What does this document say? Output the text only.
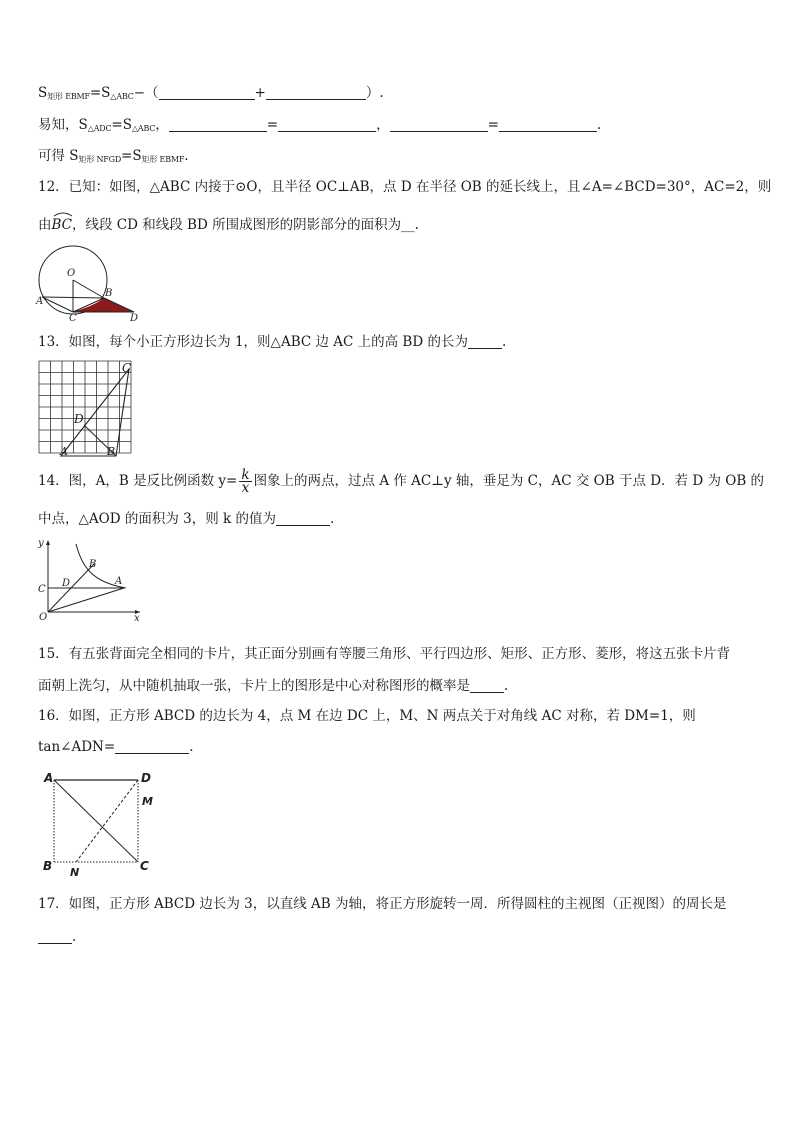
$S_{矩形 EBMF}=S_{\triangle ABC}-$（	+	）.
易知，$S_{\triangle ADC}=S_{\triangle ABC}$，	=	，	=	.
可得 $S_{矩形 NFGD}=S_{矩形 EBMF}$.
12．已知：如图，△ABC 内接于⊙O，且半径 OC⊥AB，点 D 在半径 OB 的延长线上，且∠A=∠BCD=30°，AC=2，则
由
BC，线段 CD 和线段 BD 所围成图形的阴影部分的面积为__.
O
A
B
C	D
13．如图，每个小正方形边长为 1，则△ABC 边 AC 上的高 BD 的长为	.
C
D
A	B
14．图，A，B 是反比例函数 $y= \frac{k}{x}$ 图象上的两点，过点 A 作 AC⊥y 轴，垂足为 C，AC 交 OB 于点 D．若 D 为 OB 的
中点，△AOD 的面积为 3，则 k 的值为	.
y
B
C
D	A
O	x
15．有五张背面完全相同的卡片，其正面分别画有等腰三角形、平行四边形、矩形、正方形、菱形，将这五张卡片背
面朝上洗匀，从中随机抽取一张，卡片上的图形是中心对称图形的概率是	.
16．如图，正方形 ABCD 的边长为 4，点 M 在边 DC 上，M、N 两点关于对角线 AC 对称，若 DM=1，则
tan∠ADN=	.
A	D
M
B	C
N
17．如图，正方形 ABCD 边长为 3，以直线 AB 为轴，将正方形旋转一周．所得圆柱的主视图（正视图）的周长是
.
